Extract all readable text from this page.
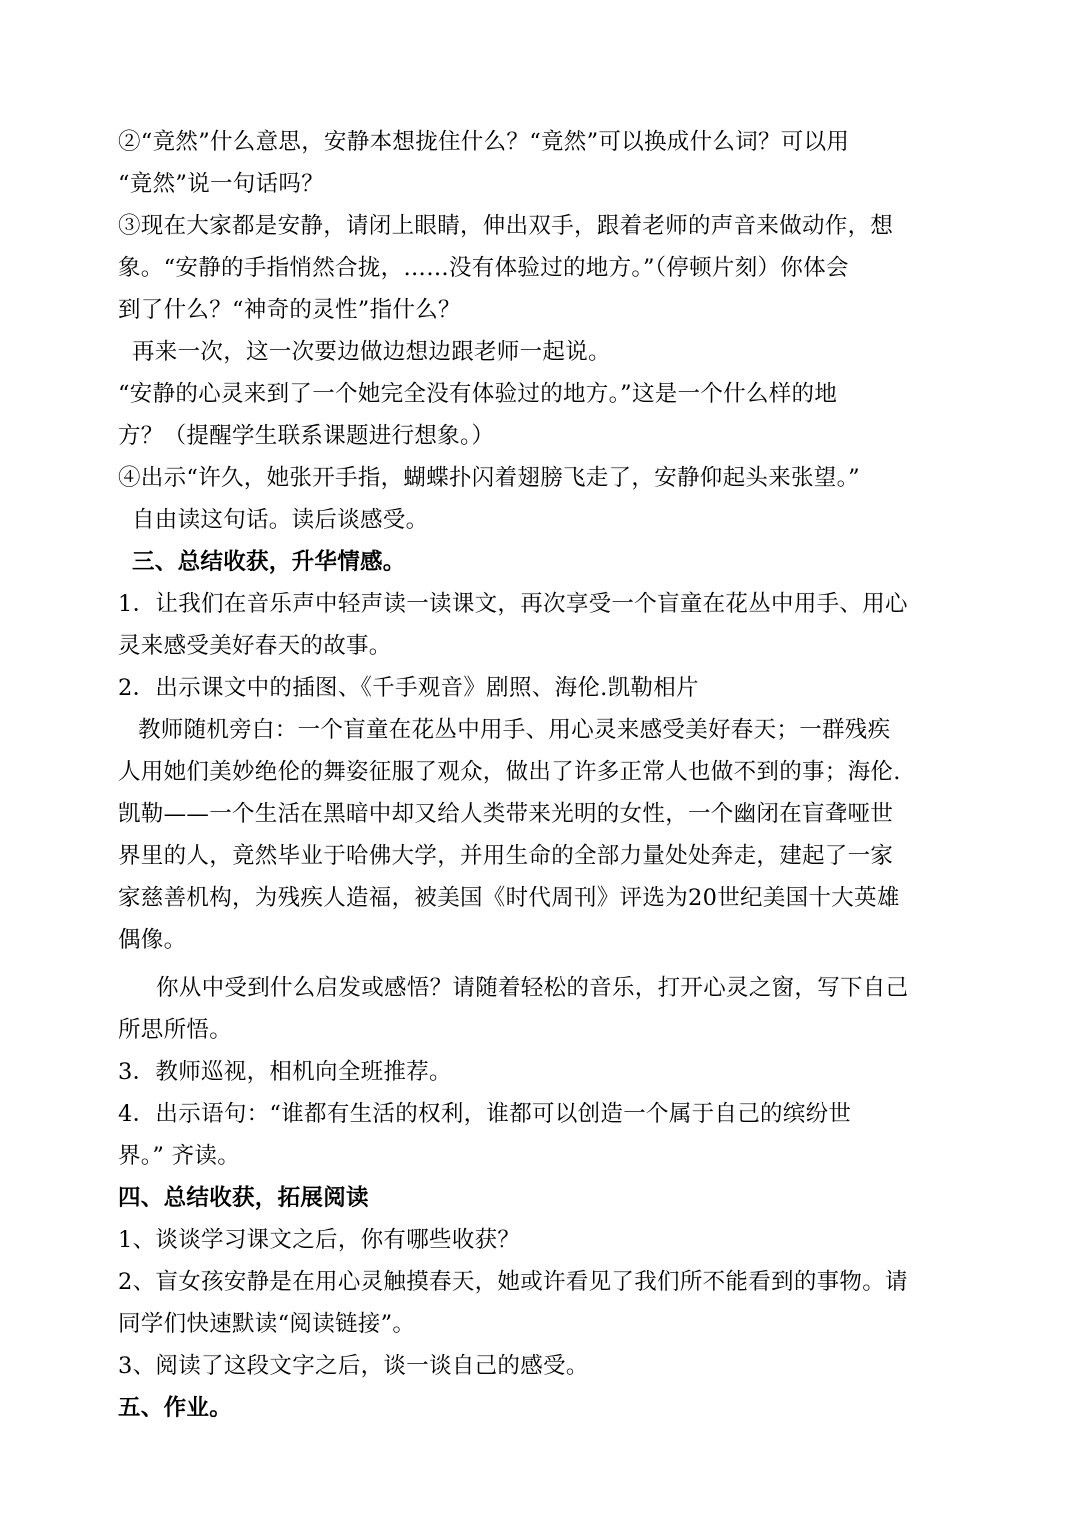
②“竟然”什么意思，安静本想拢住什么？“竟然”可以换成什么词？可以用
“竟然”说一句话吗？
③现在大家都是安静，请闭上眼睛，伸出双手，跟着老师的声音来做动作，想
象。“安静的手指悄然合拢，……没有体验过的地方。”（停顿片刻）你体会
到了什么？“神奇的灵性”指什么？
再来一次，这一次要边做边想边跟老师一起说。
“安静的心灵来到了一个她完全没有体验过的地方。”这是一个什么样的地
方？（提醒学生联系课题进行想象。）
④出示“许久，她张开手指，蝴蝶扑闪着翅膀飞走了，安静仰起头来张望。”
自由读这句话。读后谈感受。
三、总结收获，升华情感。
1．让我们在音乐声中轻声读一读课文，再次享受一个盲童在花丛中用手、用心
灵来感受美好春天的故事。
2．出示课文中的插图、《千手观音》剧照、海伦.凯勒相片
教师随机旁白：一个盲童在花丛中用手、用心灵来感受美好春天；一群残疾
人用她们美妙绝伦的舞姿征服了观众，做出了许多正常人也做不到的事；海伦.
凯勒——一个生活在黑暗中却又给人类带来光明的女性，一个幽闭在盲聋哑世
界里的人，竟然毕业于哈佛大学，并用生命的全部力量处处奔走，建起了一家
家慈善机构，为残疾人造福，被美国《时代周刊》评选为20世纪美国十大英雄
偶像。
你从中受到什么启发或感悟？请随着轻松的音乐，打开心灵之窗，写下自己
所思所悟。
3．教师巡视，相机向全班推荐。
4．出示语句：“谁都有生活的权利，谁都可以创造一个属于自己的缤纷世
界。” 齐读。
四、总结收获，拓展阅读
1、谈谈学习课文之后，你有哪些收获？
2、盲女孩安静是在用心灵触摸春天，她或许看见了我们所不能看到的事物。请
同学们快速默读“阅读链接”。
3、阅读了这段文字之后，谈一谈自己的感受。
五、作业。
